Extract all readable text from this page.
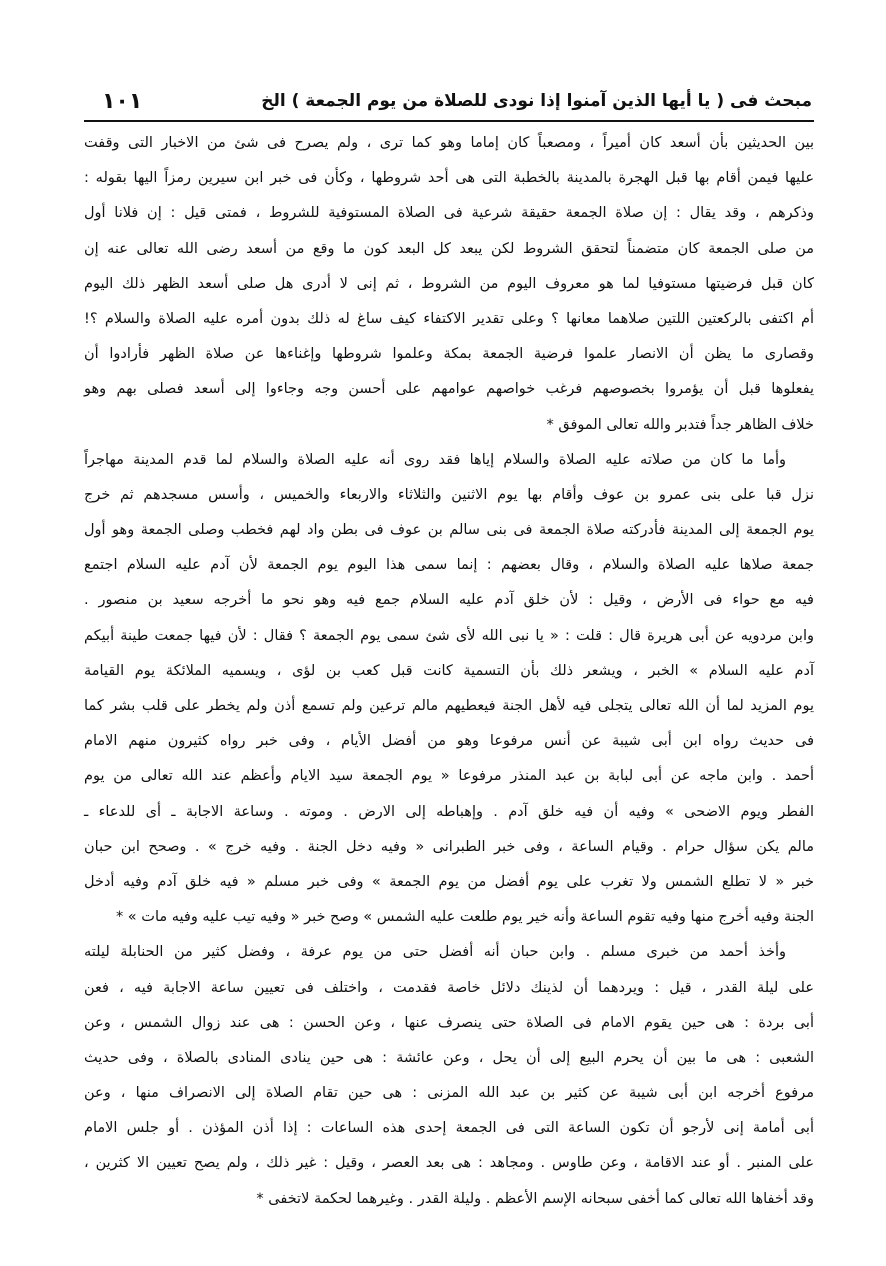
مبحث فى ( يا أيها الذين آمنوا إذا نودى للصلاة من يوم الجمعة ) الخ
١٠١
بين الحديثين بأن أسعد كان أميراً ، ومصعباً كان إماما وهو كما ترى ، ولم يصرح فى شئ من الاخبار التى وقفت
عليها فيمن أقام بها قبل الهجرة بالمدينة بالخطبة التى هى أحد شروطها ، وكأن فى خبر ابن سيرين رمزاً اليها بقوله :
وذكرهم ، وقد يقال : إن صلاة الجمعة حقيقة شرعية فى الصلاة المستوفية للشروط ، فمتى قيل : إن فلانا أول
من صلى الجمعة كان متضمناً لتحقق الشروط لكن يبعد كل البعد كون ما وقع من أسعد رضى الله تعالى عنه إن
كان قبل فرضيتها مستوفيا لما هو معروف اليوم من الشروط ، ثم إنى لا أدرى هل صلى أسعد الظهر ذلك اليوم
أم اكتفى بالركعتين اللتين صلاهما معانها ؟ وعلى تقدير الاكتفاء كيف ساغ له ذلك بدون أمره عليه الصلاة والسلام ؟!
وقصارى ما يظن أن الانصار علموا فرضية الجمعة بمكة وعلموا شروطها وإغناءها عن صلاة الظهر فأرادوا أن
يفعلوها قبل أن يؤمروا بخصوصهم فرغب خواصهم عوامهم على أحسن وجه وجاءوا إلى أسعد فصلى بهم وهو
خلاف الظاهر جداً فتدبر والله تعالى الموفق *
وأما ما كان من صلاته عليه الصلاة والسلام إياها فقد روى أنه عليه الصلاة والسلام لما قدم المدينة مهاجراً
نزل قبا على بنى عمرو بن عوف وأقام بها يوم الاثنين والثلاثاء والاربعاء والخميس ، وأسس مسجدهم ثم خرج
يوم الجمعة إلى المدينة فأدركته صلاة الجمعة فى بنى سالم بن عوف فى بطن واد لهم فخطب وصلى الجمعة وهو أول
جمعة صلاها عليه الصلاة والسلام ، وقال بعضهم : إنما سمى هذا اليوم يوم الجمعة لأن آدم عليه السلام اجتمع
فيه مع حواء فى الأرض ، وقيل : لأن خلق آدم عليه السلام جمع فيه وهو نحو ما أخرجه سعيد بن منصور .
وابن مردويه عن أبى هريرة قال : قلت : « يا نبى الله لأى شئ سمى يوم الجمعة ؟ فقال : لأن فيها جمعت طينة أبيكم
آدم عليه السلام » الخبر ، ويشعر ذلك بأن التسمية كانت قبل كعب بن لؤى ، ويسميه الملائكة يوم القيامة
يوم المزيد لما أن الله تعالى يتجلى فيه لأهل الجنة فيعطيهم مالم ترعين ولم تسمع أذن ولم يخطر على قلب بشر كما
فى حديث رواه ابن أبى شيبة عن أنس مرفوعا وهو من أفضل الأيام ، وفى خبر رواه كثيرون منهم الامام
أحمد . وابن ماجه عن أبى لبابة بن عبد المنذر مرفوعا « يوم الجمعة سيد الايام وأعظم عند الله تعالى من يوم
الفطر ويوم الاضحى » وفيه أن فيه خلق آدم . وإهباطه إلى الارض . وموته . وساعة الاجابة ـ أى للدعاء ـ
مالم يكن سؤال حرام . وقيام الساعة ، وفى خبر الطبرانى « وفيه دخل الجنة . وفيه خرج » . وصحح ابن حبان
خبر « لا تطلع الشمس ولا تغرب على يوم أفضل من يوم الجمعة » وفى خبر مسلم « فيه خلق آدم وفيه أدخل
الجنة وفيه أخرج منها وفيه تقوم الساعة وأنه خير يوم طلعت عليه الشمس » وصح خبر « وفيه تيب عليه وفيه مات » *
وأخذ أحمد من خبرى مسلم . وابن حبان أنه أفضل حتى من يوم عرفة ، وفضل كثير من الحنابلة ليلته
على ليلة القدر ، قيل : ويردهما أن لذينك دلائل خاصة فقدمت ، واختلف فى تعيين ساعة الاجابة فيه ، فعن
أبى بردة : هى حين يقوم الامام فى الصلاة حتى ينصرف عنها ، وعن الحسن : هى عند زوال الشمس ، وعن
الشعبى : هى ما بين أن يحرم البيع إلى أن يحل ، وعن عائشة : هى حين ينادى المنادى بالصلاة ، وفى حديث
مرفوع أخرجه ابن أبى شيبة عن كثير بن عبد الله المزنى : هى حين تقام الصلاة إلى الانصراف منها ، وعن
أبى أمامة إنى لأرجو أن تكون الساعة التى فى الجمعة إحدى هذه الساعات : إذا أذن المؤذن . أو جلس الامام
على المنبر . أو عند الاقامة ، وعن طاوس . ومجاهد : هى بعد العصر ، وقيل : غير ذلك ، ولم يصح تعيين الا كثرين ،
وقد أخفاها الله تعالى كما أخفى سبحانه الإسم الأعظم . وليلة القدر . وغيرهما لحكمة لاتخفى *
